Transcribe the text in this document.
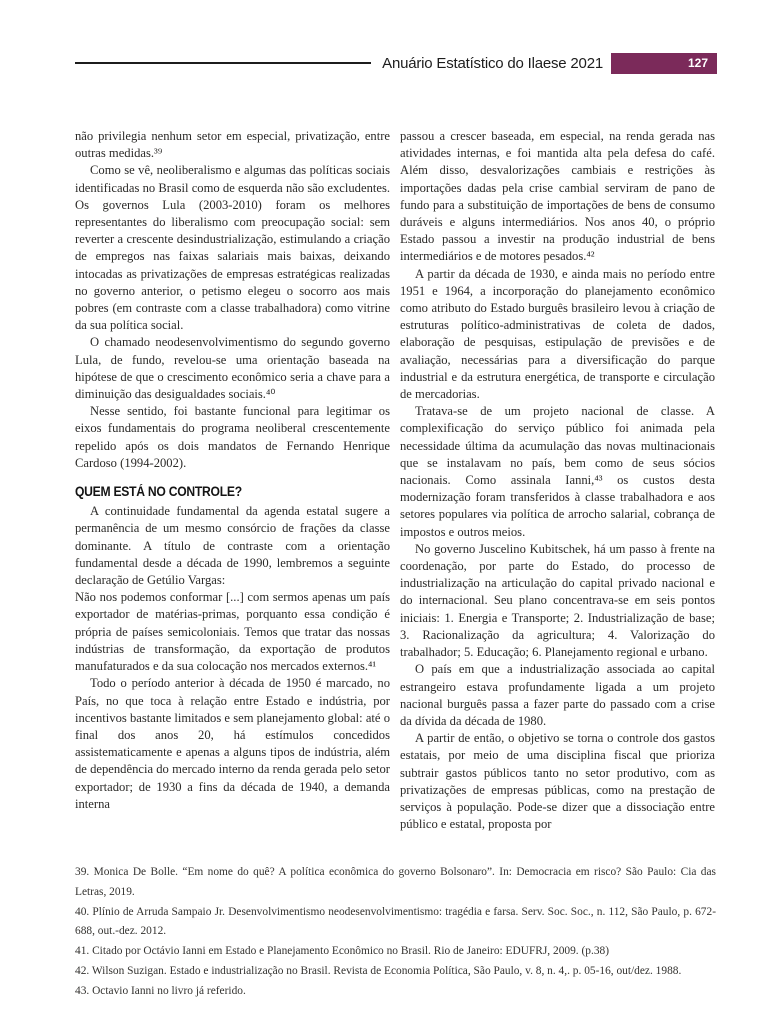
Anuário Estatístico do Ilaese 2021	127

não privilegia nenhum setor em especial, privatização, entre outras medidas.³⁹

Como se vê, neoliberalismo e algumas das políticas sociais identificadas no Brasil como de esquerda não são excludentes. Os governos Lula (2003-2010) foram os melhores representantes do liberalismo com preocupação social: sem reverter a crescente desindustrialização, estimulando a criação de empregos nas faixas salariais mais baixas, deixando intocadas as privatizações de empresas estratégicas realizadas no governo anterior, o petismo elegeu o socorro aos mais pobres (em contraste com a classe trabalhadora) como vitrine da sua política social.

O chamado neodesenvolvimentismo do segundo governo Lula, de fundo, revelou-se uma orientação baseada na hipótese de que o crescimento econômico seria a chave para a diminuição das desigualdades sociais.⁴⁰

Nesse sentido, foi bastante funcional para legitimar os eixos fundamentais do programa neoliberal crescentemente repelido após os dois mandatos de Fernando Henrique Cardoso (1994-2002).

QUEM ESTÁ NO CONTROLE?

A continuidade fundamental da agenda estatal sugere a permanência de um mesmo consórcio de frações da classe dominante. A título de contraste com a orientação fundamental desde a década de 1990, lembremos a seguinte declaração de Getúlio Vargas:

Não nos podemos conformar [...] com sermos apenas um país exportador de matérias-primas, porquanto essa condição é própria de países semicoloniais. Temos que tratar das nossas indústrias de transformação, da exportação de produtos manufaturados e da sua colocação nos mercados externos.⁴¹

Todo o período anterior à década de 1950 é marcado, no País, no que toca à relação entre Estado e indústria, por incentivos bastante limitados e sem planejamento global: até o final dos anos 20, há estímulos concedidos assistematicamente e apenas a alguns tipos de indústria, além de dependência do mercado interno da renda gerada pelo setor exportador; de 1930 a fins da década de 1940, a demanda interna

passou a crescer baseada, em especial, na renda gerada nas atividades internas, e foi mantida alta pela defesa do café. Além disso, desvalorizações cambiais e restrições às importações dadas pela crise cambial serviram de pano de fundo para a substituição de importações de bens de consumo duráveis e alguns intermediários. Nos anos 40, o próprio Estado passou a investir na produção industrial de bens intermediários e de motores pesados.⁴²

A partir da década de 1930, e ainda mais no período entre 1951 e 1964, a incorporação do planejamento econômico como atributo do Estado burguês brasileiro levou à criação de estruturas político-administrativas de coleta de dados, elaboração de pesquisas, estipulação de previsões e de avaliação, necessárias para a diversificação do parque industrial e da estrutura energética, de transporte e circulação de mercadorias.

Tratava-se de um projeto nacional de classe. A complexificação do serviço público foi animada pela necessidade última da acumulação das novas multinacionais que se instalavam no país, bem como de seus sócios nacionais. Como assinala Ianni,⁴³ os custos desta modernização foram transferidos à classe trabalhadora e aos setores populares via política de arrocho salarial, cobrança de impostos e outros meios.

No governo Juscelino Kubitschek, há um passo à frente na coordenação, por parte do Estado, do processo de industrialização na articulação do capital privado nacional e do internacional. Seu plano concentrava-se em seis pontos iniciais: 1. Energia e Transporte; 2. Industrialização de base; 3. Racionalização da agricultura; 4. Valorização do trabalhador; 5. Educação; 6. Planejamento regional e urbano.

O país em que a industrialização associada ao capital estrangeiro estava profundamente ligada a um projeto nacional burguês passa a fazer parte do passado com a crise da dívida da década de 1980.

A partir de então, o objetivo se torna o controle dos gastos estatais, por meio de uma disciplina fiscal que prioriza subtrair gastos públicos tanto no setor produtivo, com as privatizações de empresas públicas, como na prestação de serviços à população. Pode-se dizer que a dissociação entre público e estatal, proposta por

39. Monica De Bolle. “Em nome do quê? A política econômica do governo Bolsonaro”. In: Democracia em risco? São Paulo: Cia das Letras, 2019.

40. Plínio de Arruda Sampaio Jr. Desenvolvimentismo neodesenvolvimentismo: tragédia e farsa. Serv. Soc. Soc., n. 112, São Paulo, p. 672-688, out.-dez. 2012.

41. Citado por Octávio Ianni em Estado e Planejamento Econômico no Brasil. Rio de Janeiro: EDUFRJ, 2009. (p.38)

42. Wilson Suzigan. Estado e industrialização no Brasil. Revista de Economia Política, São Paulo, v. 8, n. 4,. p. 05-16, out/dez. 1988.

43. Octavio Ianni no livro já referido.
